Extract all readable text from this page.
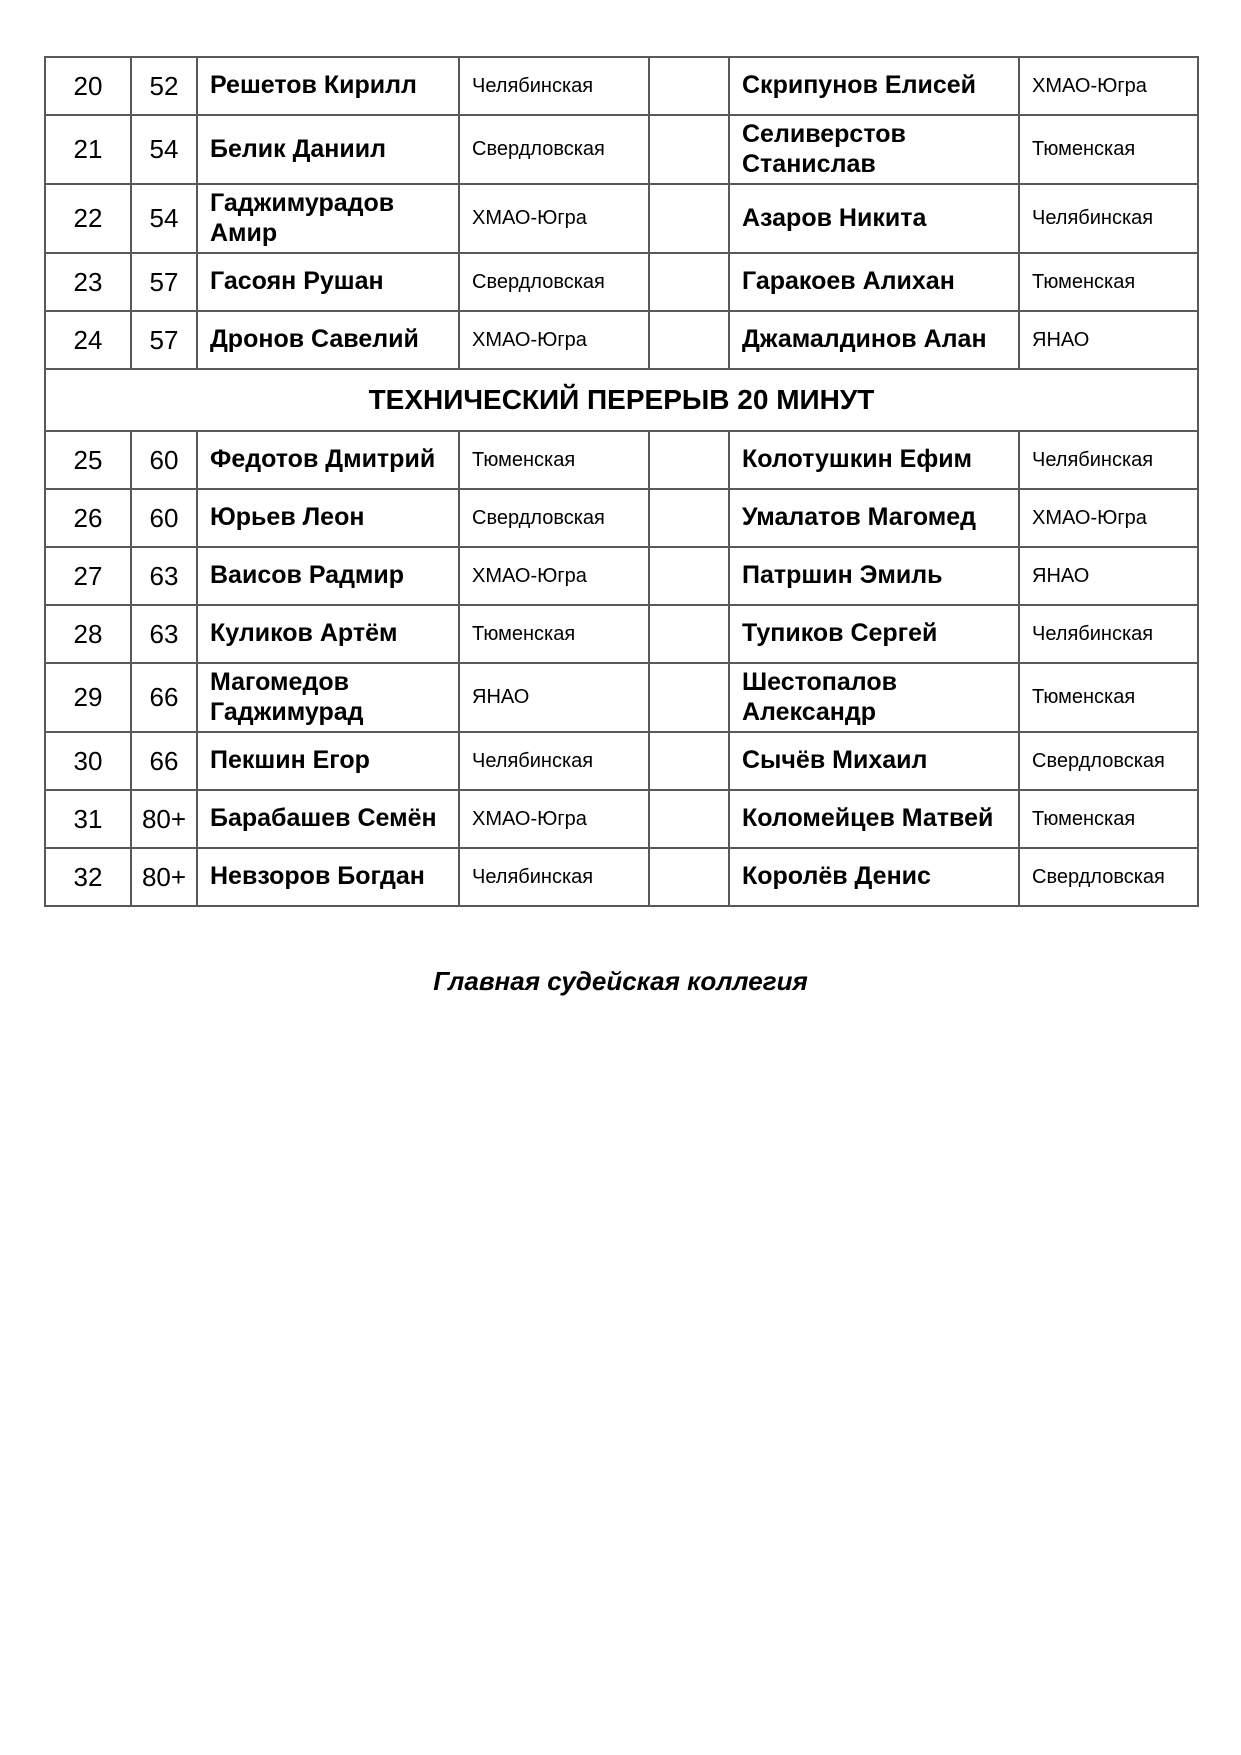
20	52	Решетов Кирилл	Челябинская		Скрипунов Елисей	ХМАО-Югра
21	54	Белик Даниил	Свердловская		Селиверстов Станислав	Тюменская
22	54	Гаджимурадов Амир	ХМАО-Югра		Азаров Никита	Челябинская
23	57	Гасоян Рушан	Свердловская		Гаракоев Алихан	Тюменская
24	57	Дронов Савелий	ХМАО-Югра		Джамалдинов Алан	ЯНАО
ТЕХНИЧЕСКИЙ ПЕРЕРЫВ 20 МИНУТ						
25	60	Федотов Дмитрий	Тюменская		Колотушкин Ефим	Челябинская
26	60	Юрьев Леон	Свердловская		Умалатов Магомед	ХМАО-Югра
27	63	Ваисов Радмир	ХМАО-Югра		Патршин Эмиль	ЯНАО
28	63	Куликов Артём	Тюменская		Тупиков Сергей	Челябинская
29	66	Магомедов Гаджимурад	ЯНАО		Шестопалов Александр	Тюменская
30	66	Пекшин Егор	Челябинская		Сычёв Михаил	Свердловская
31	80+	Барабашев Семён	ХМАО-Югра		Коломейцев Матвей	Тюменская
32	80+	Невзоров Богдан	Челябинская		Королёв Денис	Свердловская
Главная судейская коллегия
